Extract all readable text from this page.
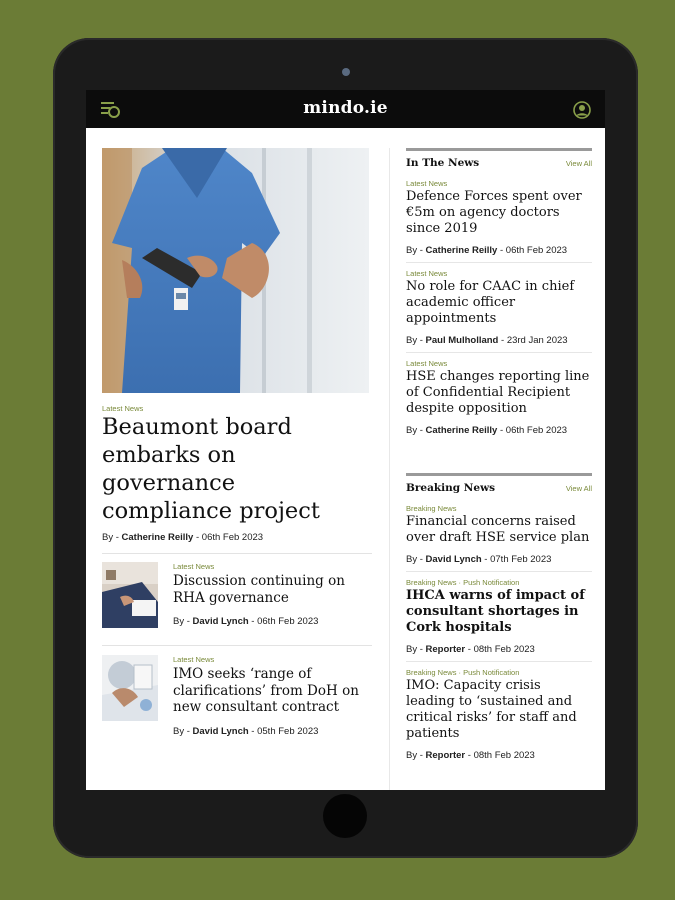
mindo.ie
Latest News
Beaumont board embarks on governance compliance project
By - Catherine Reilly - 06th Feb 2023
Latest News
Discussion continuing on RHA governance
By - David Lynch - 06th Feb 2023
Latest News
IMO seeks ‘range of clarifications’ from DoH on new consultant contract
By - David Lynch - 05th Feb 2023
In The News	View All
Latest News
Defence Forces spent over €5m on agency doctors since 2019
By - Catherine Reilly - 06th Feb 2023
Latest News
No role for CAAC in chief academic officer appointments
By - Paul Mulholland - 23rd Jan 2023
Latest News
HSE changes reporting line of Confidential Recipient despite opposition
By - Catherine Reilly - 06th Feb 2023
Breaking News	View All
Breaking News
Financial concerns raised over draft HSE service plan
By - David Lynch - 07th Feb 2023
Breaking News · Push Notification
IHCA warns of impact of consultant shortages in Cork hospitals
By - Reporter - 08th Feb 2023
Breaking News · Push Notification
IMO: Capacity crisis leading to ‘sustained and critical risks’ for staff and patients
By - Reporter - 08th Feb 2023
